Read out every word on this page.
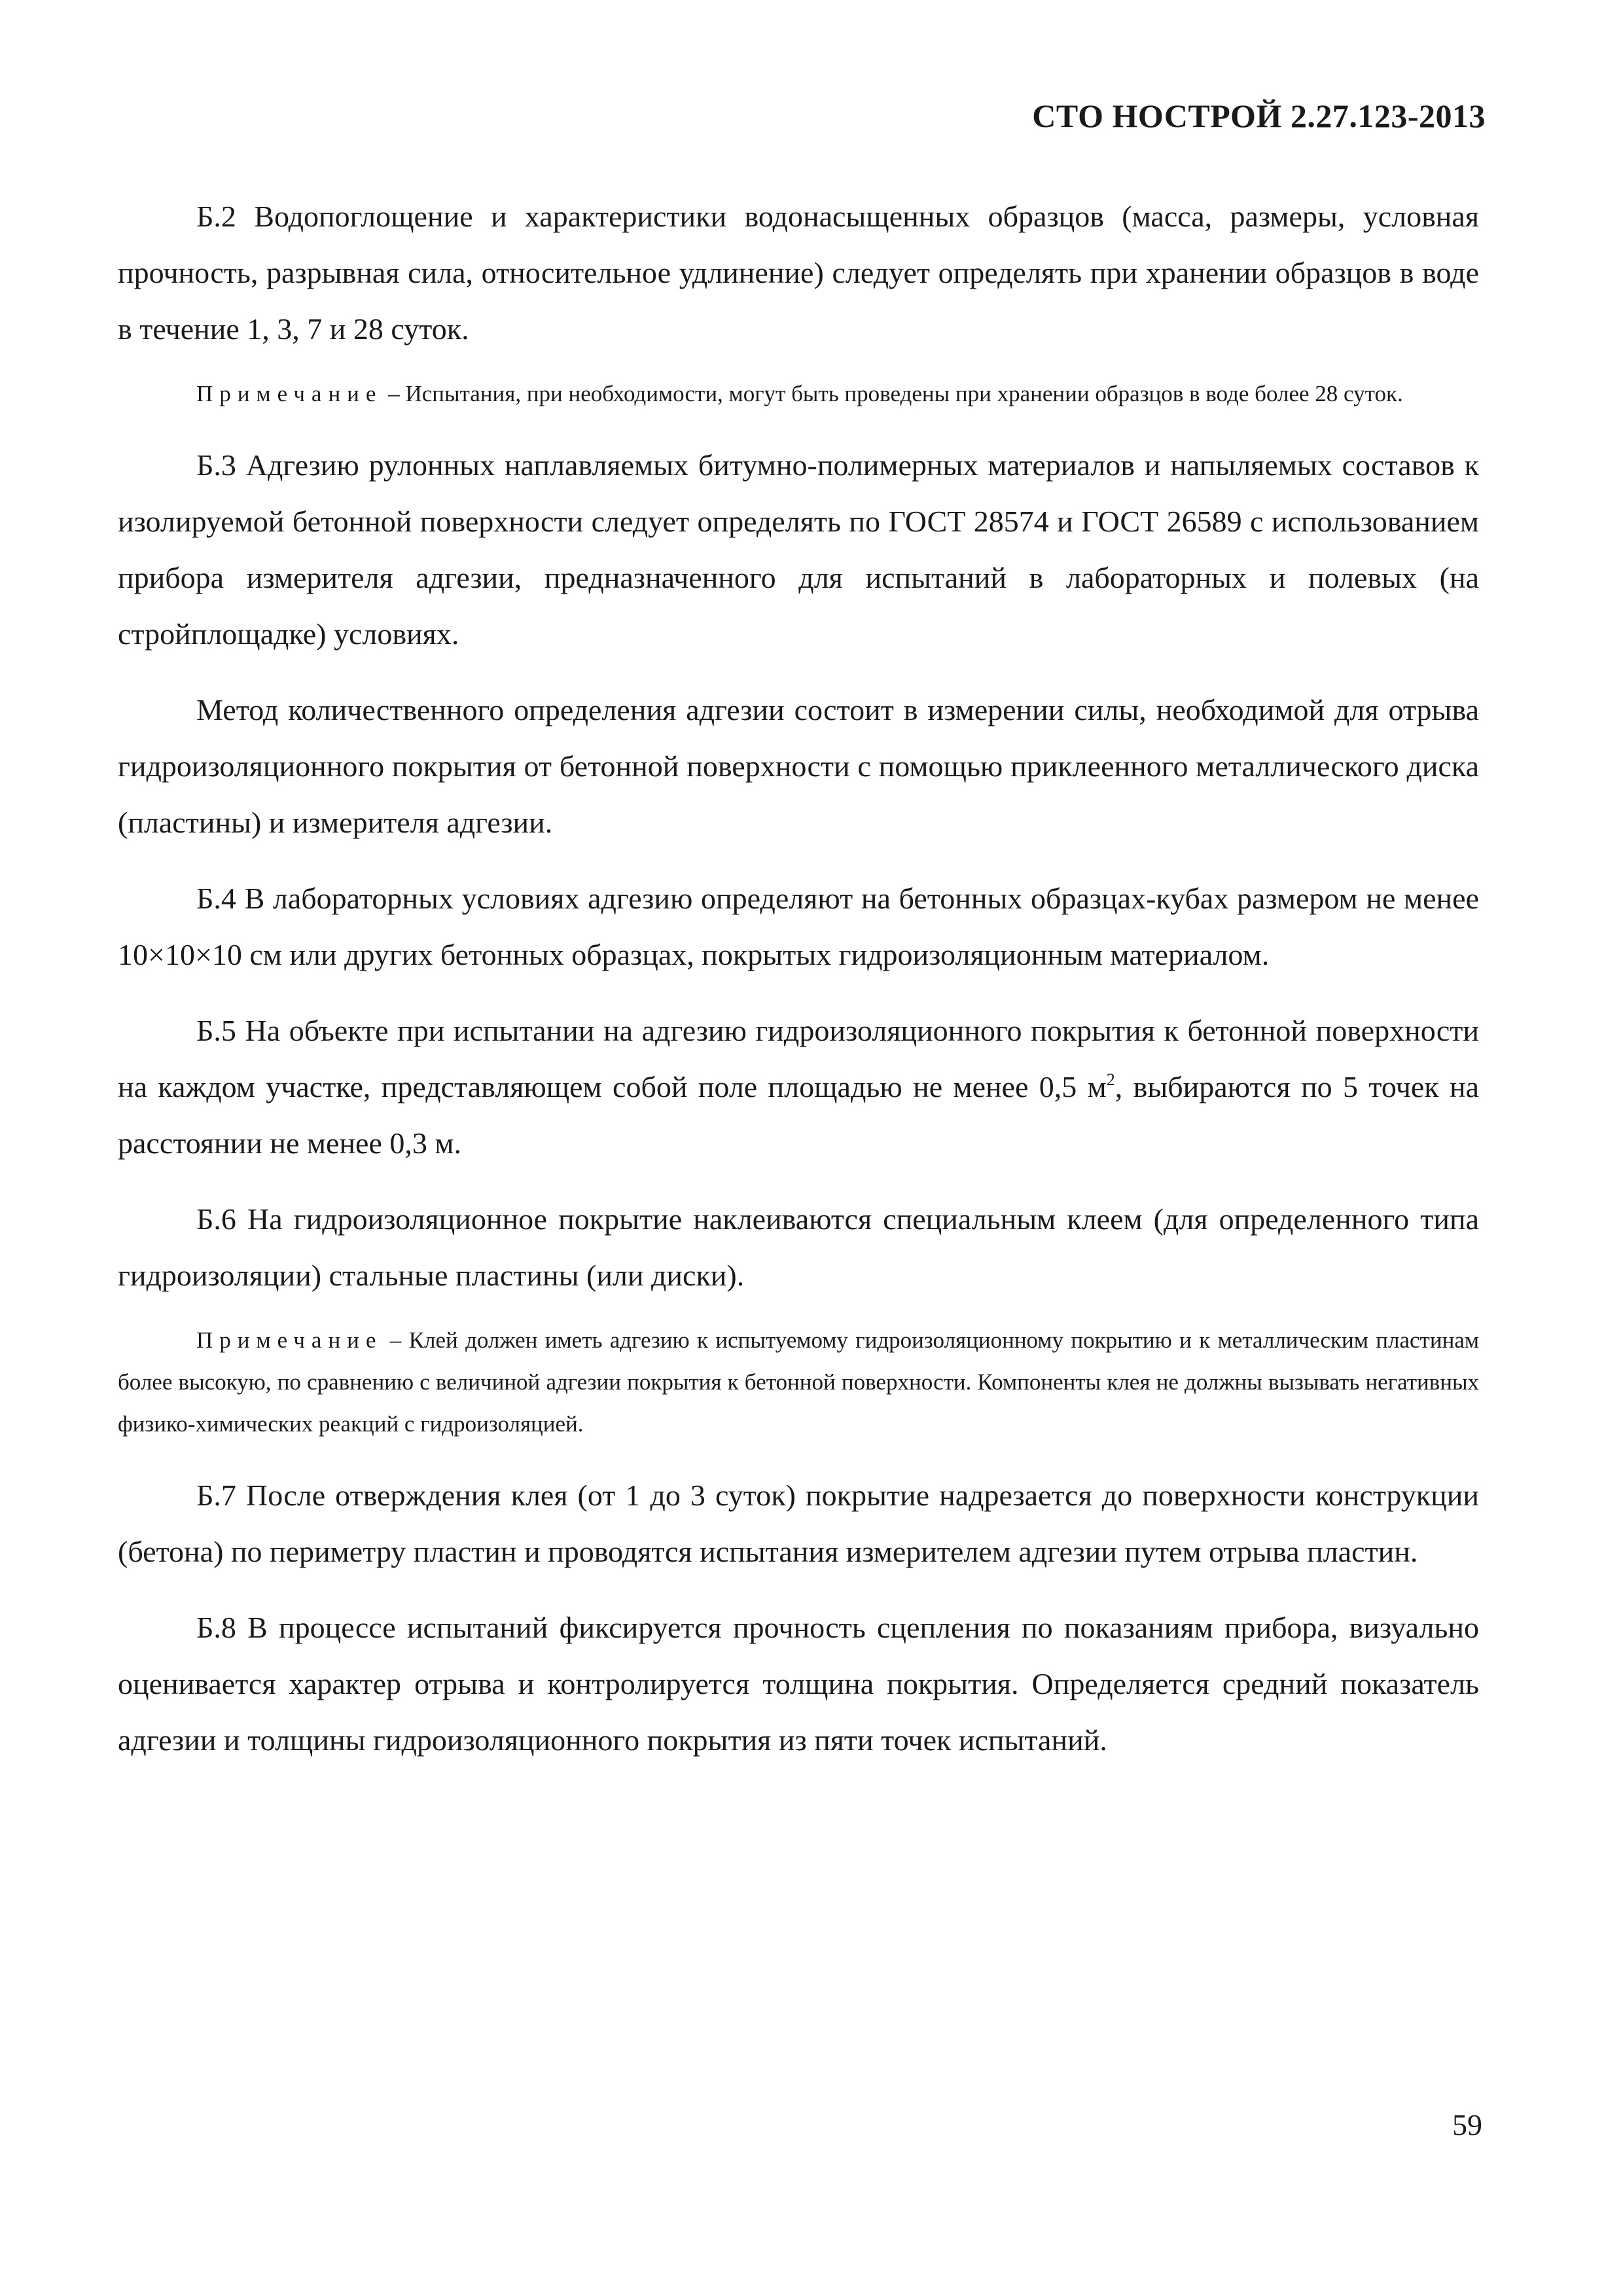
СТО НОСТРОЙ 2.27.123-2013

Б.2 Водопоглощение и характеристики водонасыщенных образцов (масса, размеры, условная прочность, разрывная сила, относительное удлинение) следует определять при хранении образцов в воде в течение 1, 3, 7 и 28 суток.

Примечание – Испытания, при необходимости, могут быть проведены при хранении образцов в воде более 28 суток.

Б.3 Адгезию рулонных наплавляемых битумно-полимерных материалов и напыляемых составов к изолируемой бетонной поверхности следует определять по ГОСТ 28574 и ГОСТ 26589 с использованием прибора измерителя адгезии, предназначенного для испытаний в лабораторных и полевых (на стройплощадке) условиях.

Метод количественного определения адгезии состоит в измерении силы, необходимой для отрыва гидроизоляционного покрытия от бетонной поверхности с помощью приклеенного металлического диска (пластины) и измерителя адгезии.

Б.4 В лабораторных условиях адгезию определяют на бетонных образцах-кубах размером не менее 10×10×10 см или других бетонных образцах, покрытых гидроизоляционным материалом.

Б.5 На объекте при испытании на адгезию гидроизоляционного покрытия к бетонной поверхности на каждом участке, представляющем собой поле площадью не менее 0,5 $м^2$, выбираются по 5 точек на расстоянии не менее 0,3 м.

Б.6 На гидроизоляционное покрытие наклеиваются специальным клеем (для определенного типа гидроизоляции) стальные пластины (или диски).

Примечание – Клей должен иметь адгезию к испытуемому гидроизоляционному покрытию и к металлическим пластинам более высокую, по сравнению с величиной адгезии покрытия к бетонной поверхности. Компоненты клея не должны вызывать негативных физико-химических реакций с гидроизоляцией.

Б.7 После отверждения клея (от 1 до 3 суток) покрытие надрезается до поверхности конструкции (бетона) по периметру пластин и проводятся испытания измерителем адгезии путем отрыва пластин.

Б.8 В процессе испытаний фиксируется прочность сцепления по показаниям прибора, визуально оценивается характер отрыва и контролируется толщина покрытия. Определяется средний показатель адгезии и толщины гидроизоляционного покрытия из пяти точек испытаний.

59
